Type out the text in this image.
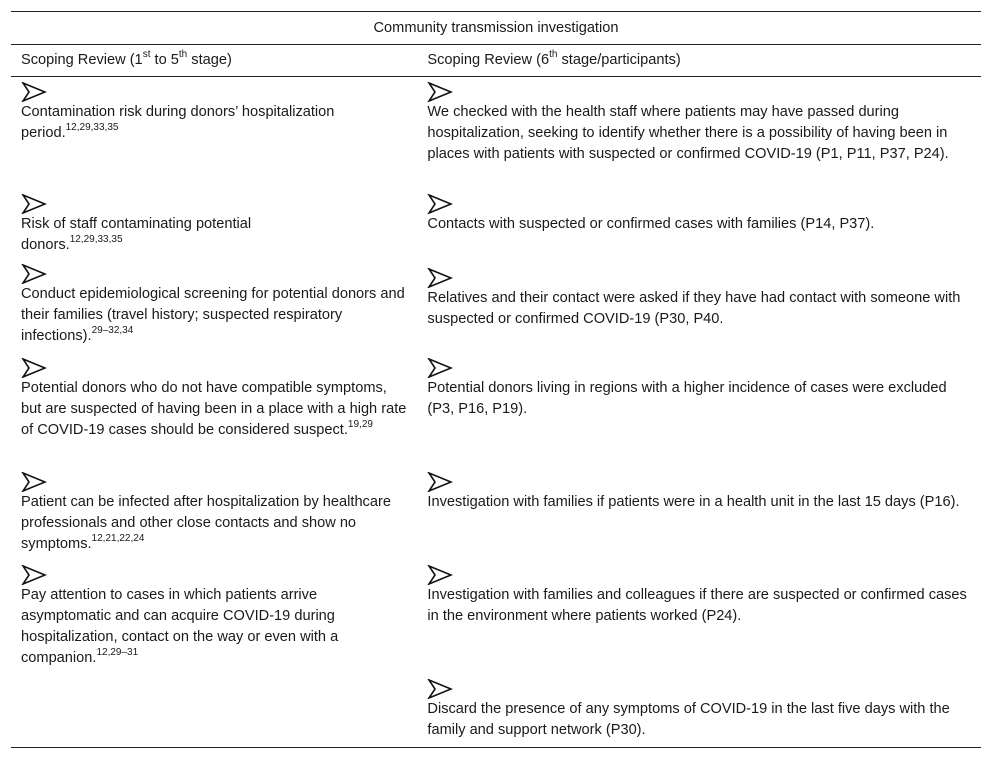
Community transmission investigation	
Scoping Review (1st to 5th stage)	Scoping Review (6th stage/participants)

Contamination risk during donors’ hospitalization period.$^{12,29,33,35}$	We checked with the health staff where patients may have passed during hospitalization, seeking to identify whether there is a possibility of having been in places with patients with suspected or confirmed COVID-19 (P1, P11, P37, P24).

Risk of staff contaminating potential donors.$^{12,29,33,35}$	Contacts with suspected or confirmed cases with families (P14, P37).

Conduct epidemiological screening for potential donors and their families (travel history; suspected respiratory infections).$^{29-32,34}$	Relatives and their contact were asked if they have had contact with someone with suspected or confirmed COVID-19 (P30, P40.

Potential donors who do not have compatible symptoms, but are suspected of having been in a place with a high rate of COVID-19 cases should be considered suspect.$^{19,29}$	Potential donors living in regions with a higher incidence of cases were excluded (P3, P16, P19).

Patient can be infected after hospitalization by healthcare professionals and other close contacts and show no symptoms.$^{12,21,22,24}$	Investigation with families if patients were in a health unit in the last 15 days (P16).

Pay attention to cases in which patients arrive asymptomatic and can acquire COVID-19 during hospitalization, contact on the way or even with a companion.$^{12,29-31}$	Investigation with families and colleagues if there are suspected or confirmed cases in the environment where patients worked (P24).

	Discard the presence of any symptoms of COVID-19 in the last five days with the family and support network (P30).
